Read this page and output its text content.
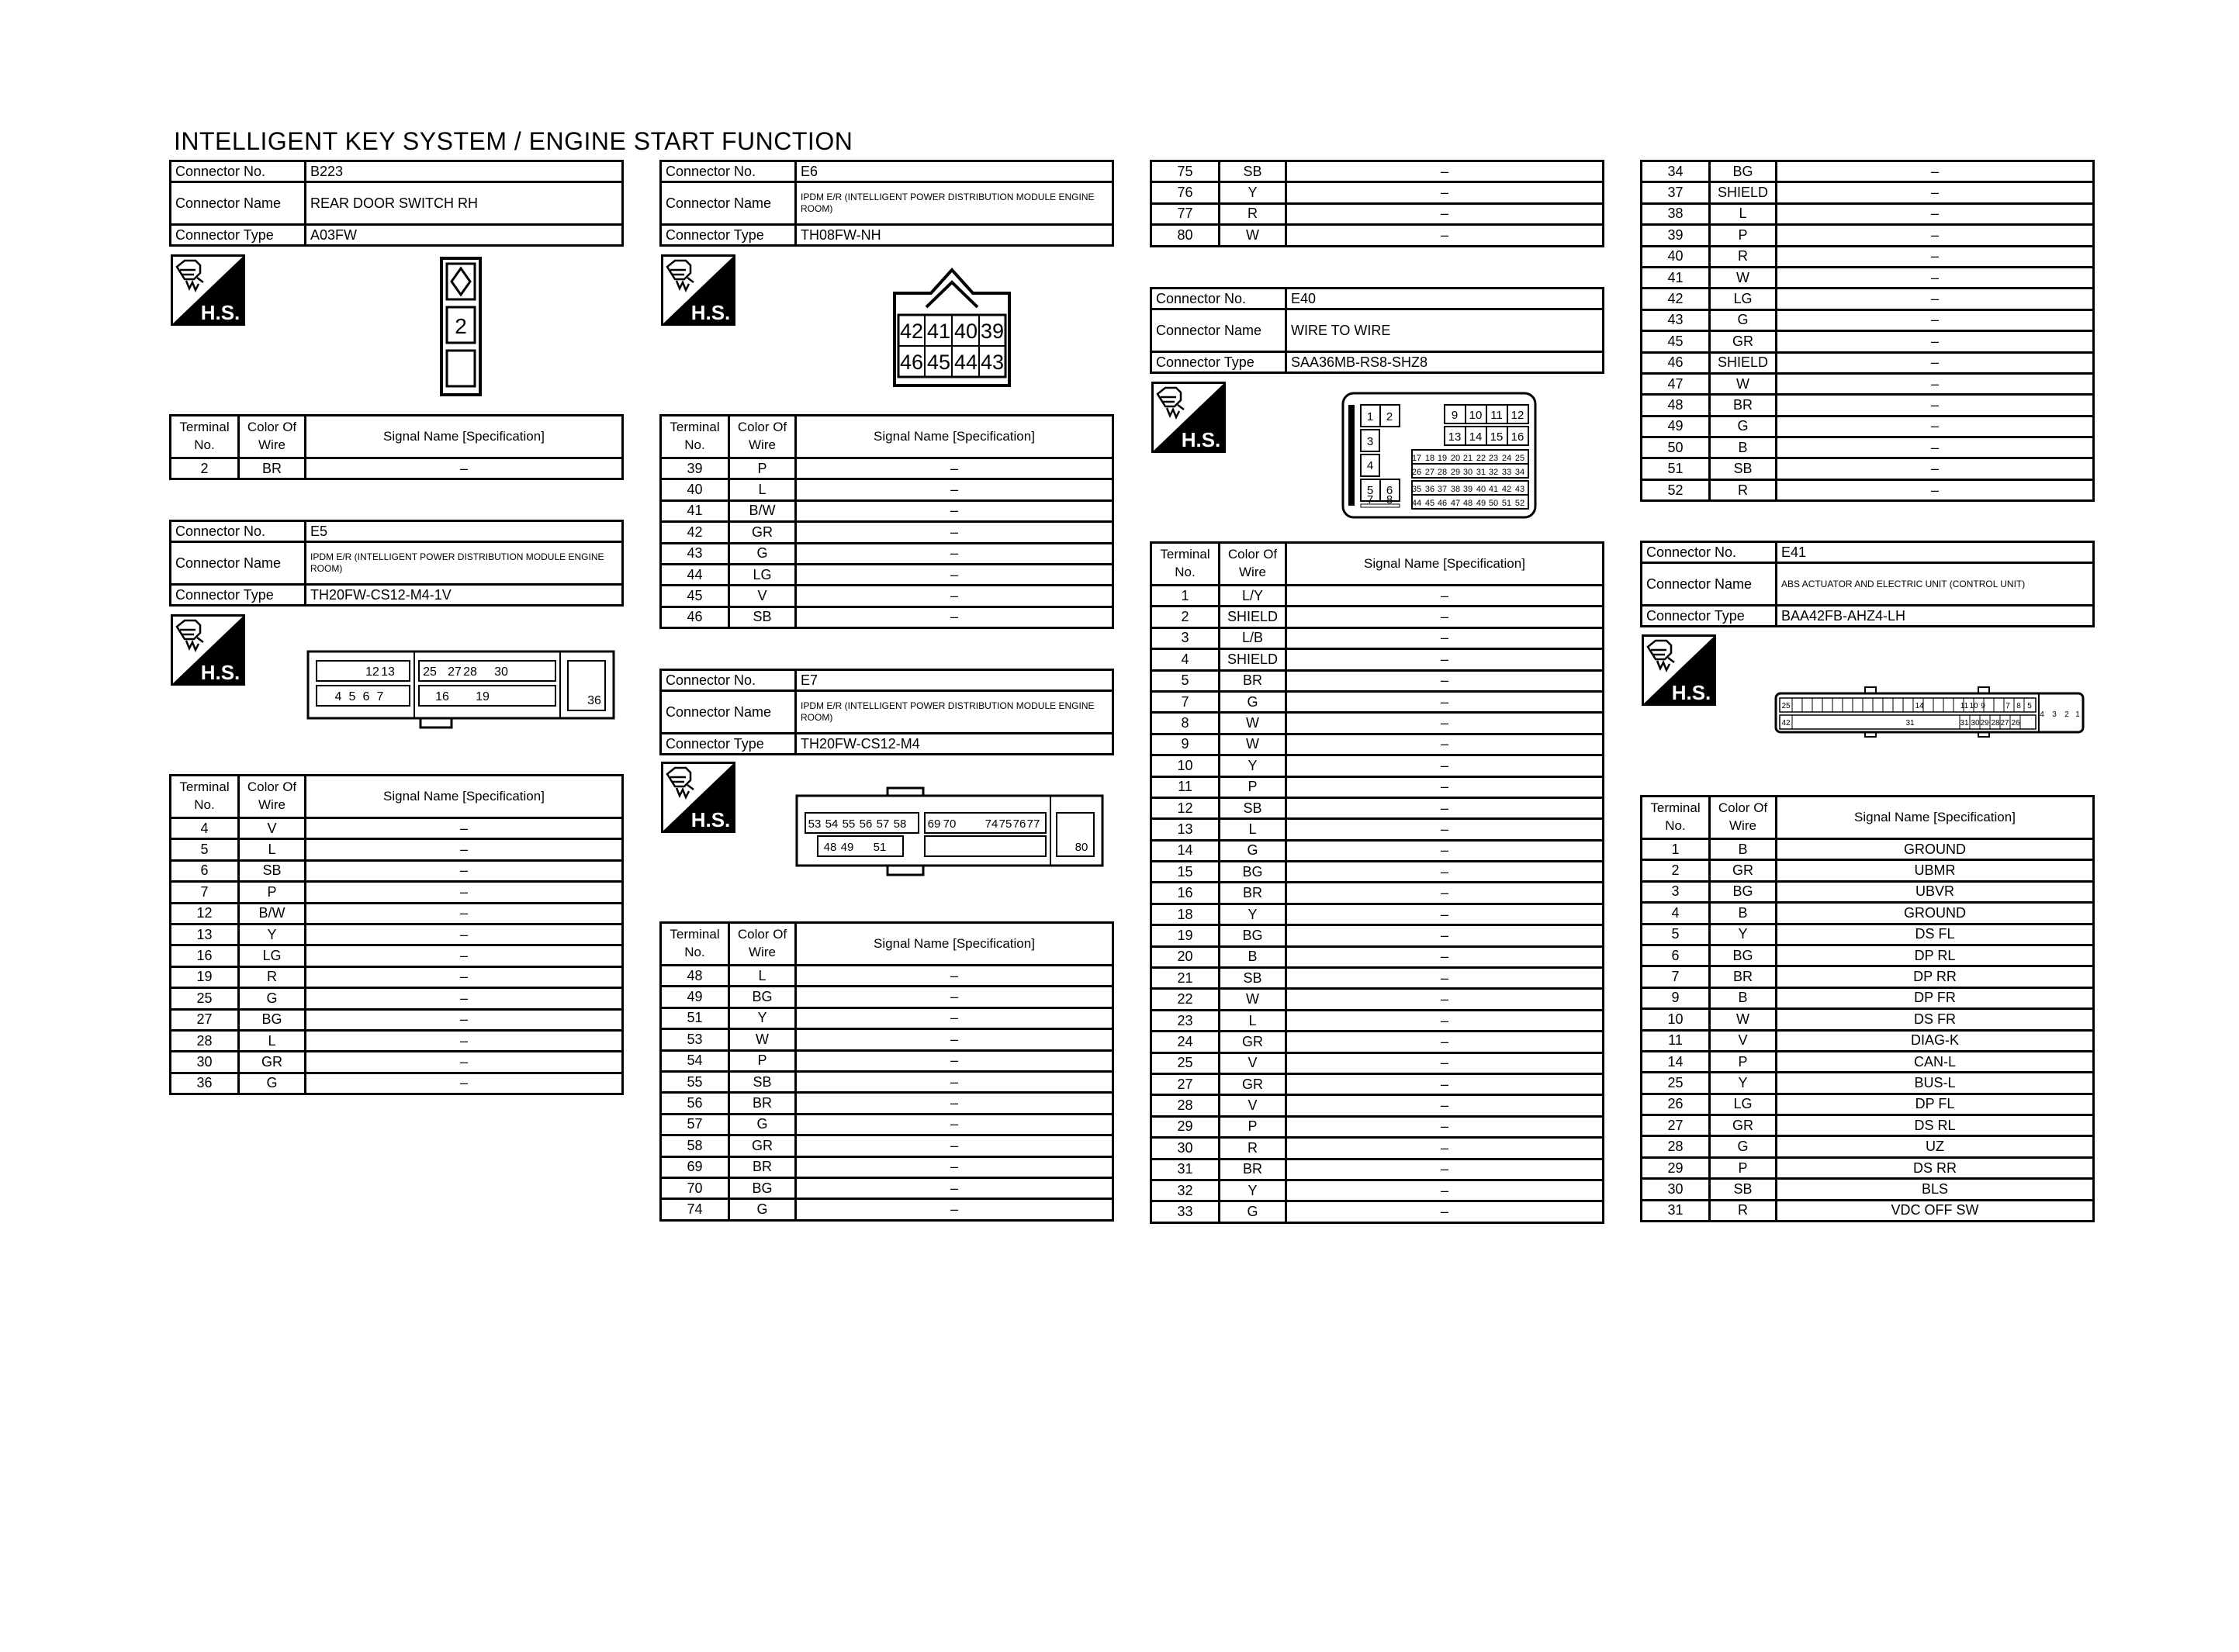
INTELLIGENT KEY SYSTEM / ENGINE START FUNCTION
Connector No.	B223
Connector Name	REAR DOOR SWITCH RH
Connector Type	A03FW
Connector No.	E5
Connector Name	IPDM E/R (INTELLIGENT POWER DISTRIBUTION MODULE ENGINE ROOM)
Connector Type	TH20FW-CS12-M4-1V
Connector No.	E6
Connector Name	IPDM E/R (INTELLIGENT POWER DISTRIBUTION MODULE ENGINE ROOM)
Connector Type	TH08FW-NH
Connector No.	E7
Connector Name	IPDM E/R (INTELLIGENT POWER DISTRIBUTION MODULE ENGINE ROOM)
Connector Type	TH20FW-CS12-M4
Connector No.	E40
Connector Name	WIRE TO WIRE
Connector Type	SAA36MB-RS8-SHZ8
Connector No.	E41
Connector Name	ABS ACTUATOR AND ELECTRIC UNIT (CONTROL UNIT)
Connector Type	BAA42FB-AHZ4-LH
Terminal No.	Color Of Wire	Signal Name [Specification]
2	BR	–
Terminal No.	Color Of Wire	Signal Name [Specification]
4	V	–
5	L	–
6	SB	–
7	P	–
12	B/W	–
13	Y	–
16	LG	–
19	R	–
25	G	–
27	BG	–
28	L	–
30	GR	–
36	G	–
Terminal No.	Color Of Wire	Signal Name [Specification]
39	P	–
40	L	–
41	B/W	–
42	GR	–
43	G	–
44	LG	–
45	V	–
46	SB	–
Terminal No.	Color Of Wire	Signal Name [Specification]
48	L	–
49	BG	–
51	Y	–
53	W	–
54	P	–
55	SB	–
56	BR	–
57	G	–
58	GR	–
69	BR	–
70	BG	–
74	G	–
75	SB	–
76	Y	–
77	R	–
80	W	–
Terminal No.	Color Of Wire	Signal Name [Specification]
1	L/Y	–
2	SHIELD	–
3	L/B	–
4	SHIELD	–
5	BR	–
7	G	–
8	W	–
9	W	–
10	Y	–
11	P	–
12	SB	–
13	L	–
14	G	–
15	BG	–
16	BR	–
18	Y	–
19	BG	–
20	B	–
21	SB	–
22	W	–
23	L	–
24	GR	–
25	V	–
27	GR	–
28	V	–
29	P	–
30	R	–
31	BR	–
32	Y	–
33	G	–
34	BG	–
37	SHIELD	–
38	L	–
39	P	–
40	R	–
41	W	–
42	LG	–
43	G	–
45	GR	–
46	SHIELD	–
47	W	–
48	BR	–
49	G	–
50	B	–
51	SB	–
52	R	–
Terminal No.	Color Of Wire	Signal Name [Specification]
1	B	GROUND
2	GR	UBMR
3	BG	UBVR
4	B	GROUND
5	Y	DS FL
6	BG	DP RL
7	BR	DP RR
9	B	DP FR
10	W	DS FR
11	V	DIAG-K
14	P	CAN-L
25	Y	BUS-L
26	LG	DP FL
27	GR	DS RL
28	G	UZ
29	P	DS RR
30	SB	BLS
31	R	VDC OFF SW
H.S.
H.S.
H.S.
H.S.
H.S.
H.S.
2
12 13 25 27 28 30
4 5 6 7	16 19	36
42 41 40 39
46 45 44 43
53 54 55 56 57 58 69 70 74 75 76 77
48 49 51	80
1 2	9 10 11 12
3	13 14 15 16
4
5 6
7 8
17 18 19 20 21 22 23 24 25
26 27 28 29 30 31 32 33 34
35 36 37 38 39 40 41 42 43
44 45 46 47 48 49 50 51 52
25	14	11 10 9	7 8 5
4 3 2 1
42	31	31 30 29 28 27 26
